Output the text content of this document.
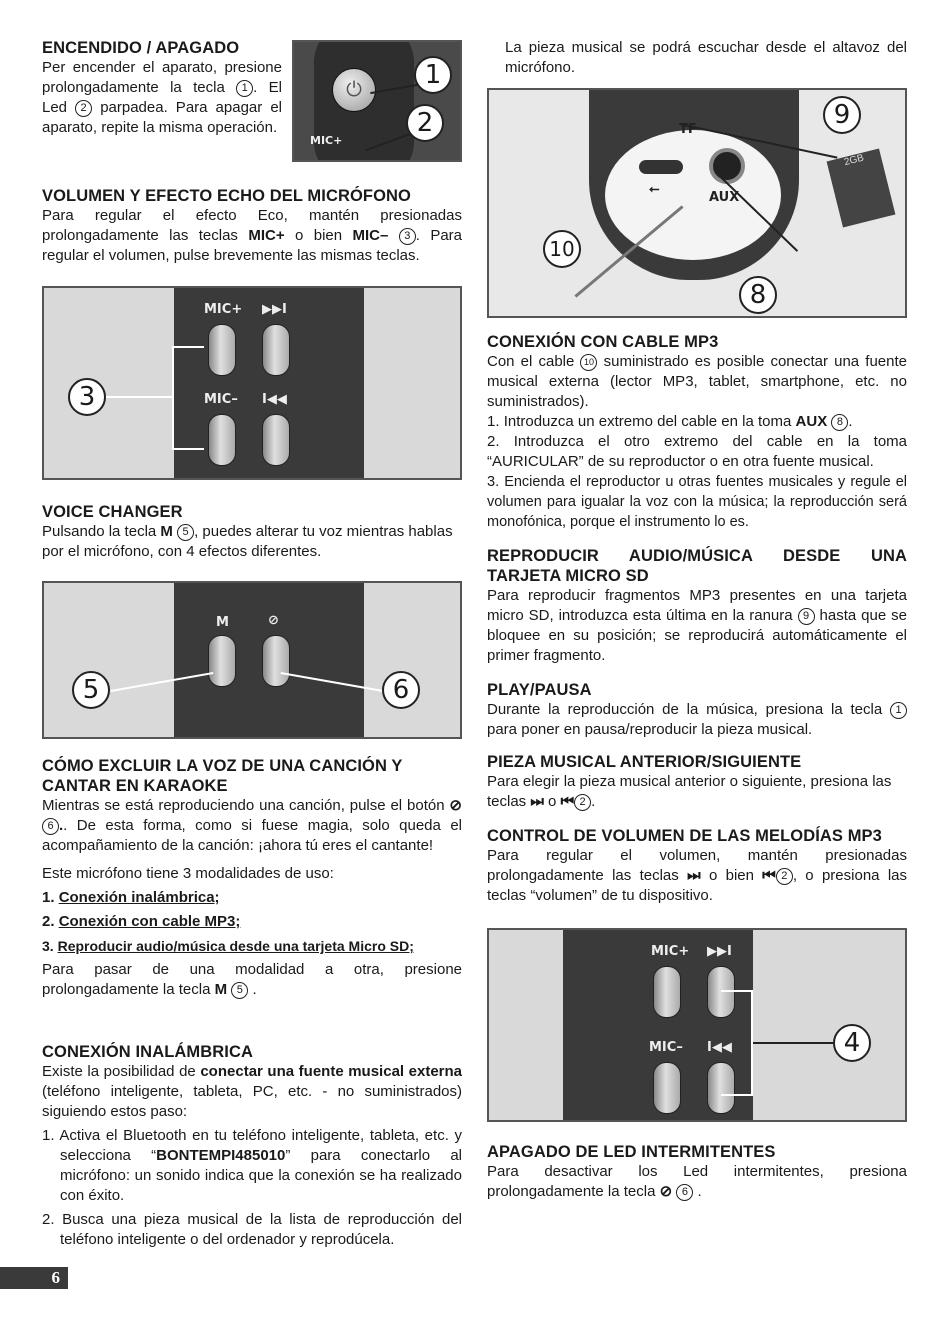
ENCENDIDO / APAGADO

Per encender el aparato, presione prolongadamente la tecla 1 . El Led 2 parpadea. Para apagar el aparato, repite la misma operación.

⏻
MIC+
1
2
VOLUMEN Y EFECTO ECHO DEL MICRÓFONO

Para regular el efecto Eco, mantén presionadas prolongadamente las teclas MIC+ o bien MIC– 3 . Para regular el volumen, pulse brevemente las mismas teclas.

MIC+ ▶▶I
MIC– I◀◀
3
VOICE CHANGER

Pulsando la tecla M 5 , puedes alterar tu voz mientras hablas por el micrófono, con 4 efectos diferentes.

M	⊘
5	6
CÓMO EXCLUIR LA VOZ DE UNA CANCIÓN Y CANTAR EN KARAOKE

Mientras se está reproduciendo una canción, pulse el botón ⊘ 6 .. De esta forma, como si fuese magia, solo queda el acompañamiento de la canción: ¡ahora tú eres el cantante!

Este micrófono tiene 3 modalidades de uso:

1. Conexión inalámbrica;

2. Conexión con cable MP3;

3. Reproducir audio/música desde una tarjeta Micro SD;

Para pasar de una modalidad a otra, presione prolongadamente la tecla M 5 .

CONEXIÓN INALÁMBRICA

Existe la posibilidad de conectar una fuente musical externa (teléfono inteligente, tableta, PC, etc. - no suministrados) siguiendo estos paso:

1. Activa el Bluetooth en tu teléfono inteligente, tableta, etc. y selecciona “BONTEMPI485010” para conectarlo al micrófono: un sonido indica que la conexión se ha realizado con éxito.
2. Busca una pieza musical de la lista de reproducción del teléfono inteligente o del ordenador y reprodúcela.

La pieza musical se podrá escuchar desde el altavoz del micrófono.

TF
⭠
AUX
2GB
9
10
8
CONEXIÓN CON CABLE MP3

Con el cable 10 suministrado es posible conectar una fuente musical externa (lector MP3, tablet, smartphone, etc. no suministrados).

1. Introduzca un extremo del cable en la toma AUX 8 .
2. Introduzca el otro extremo del cable en la toma “AURICULAR” de su reproductor o en otra fuente musical.
3. Encienda el reproductor u otras fuentes musicales y regule el volumen para igualar la voz con la música; la reproducción será monofónica, porque el instrumento lo es.
REPRODUCIR AUDIO/MÚSICA DESDE UNA TARJETA MICRO SD

Para reproducir fragmentos MP3 presentes en una tarjeta micro SD, introduzca esta última en la ranura 9 hasta que se bloquee en su posición; se reproducirá automáticamente el primer fragmento.

PLAY/PAUSA

Durante la reproducción de la música, presiona la tecla 1 para poner en pausa/reproducir la pieza musical.

PIEZA MUSICAL ANTERIOR/SIGUIENTE

Para elegir la pieza musical anterior o siguiente, presiona las teclas ⏭ o ⏮ 2 .

CONTROL DE VOLUMEN DE LAS MELODÍAS MP3

Para regular el volumen, mantén presionadas prolongadamente las teclas ⏭ o bien ⏮ 2 , o presiona las teclas “volumen” de tu dispositivo.

MIC+ ▶▶I
MIC– I◀◀	4
APAGADO DE LED INTERMITENTES

Para desactivar los Led intermitentes, presiona prolongadamente la tecla ⊘ 6 .

6
